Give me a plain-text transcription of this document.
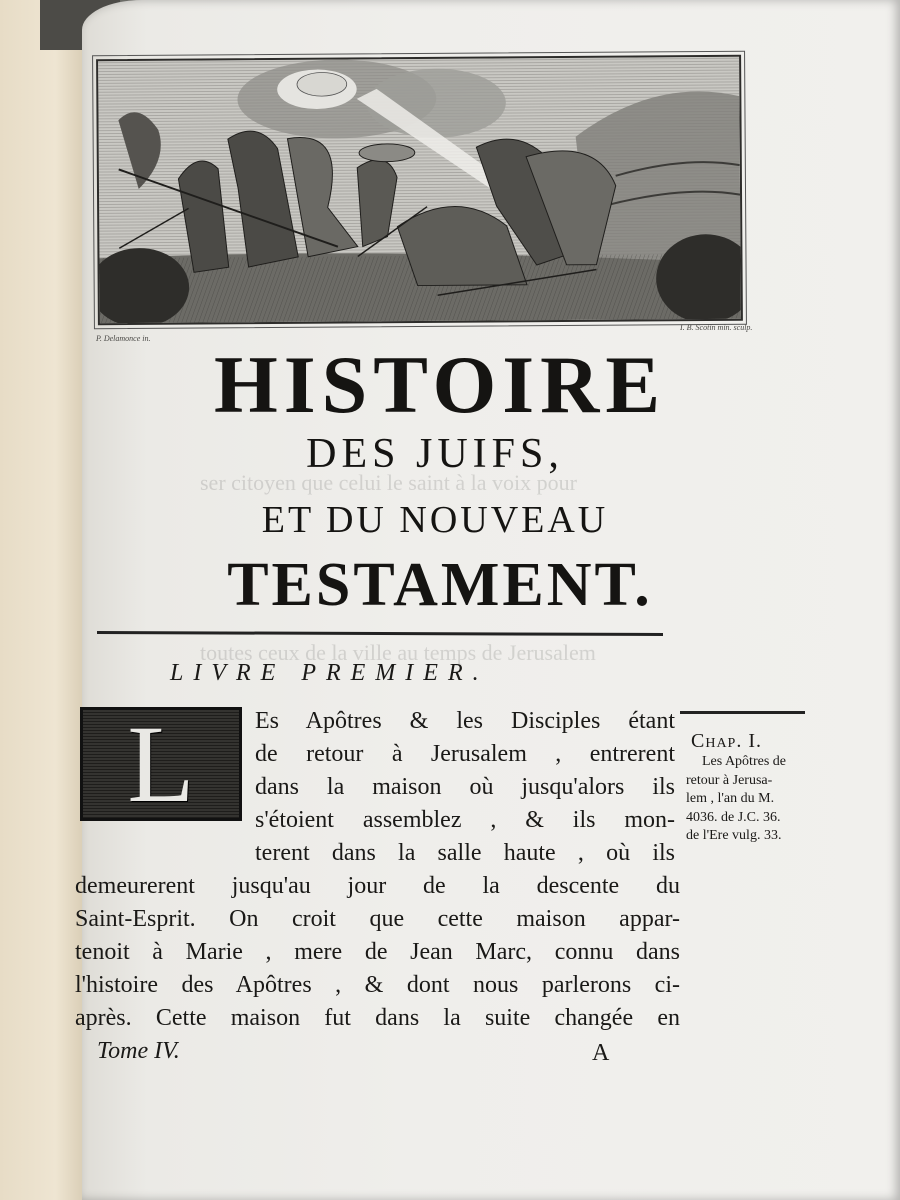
ser citoyen que celui le saint à la voix pour
toutes ceux de la ville au temps de Jerusalem
P. Delamonce in.
I. B. Scotin min. sculp.
HISTOIRE
DES JUIFS,
ET DU NOUVEAU
TESTAMENT.
LIVRE PREMIER.
L	Es Apôtres & les Disciples étant
de retour à Jerusalem , entrerent
dans la maison où jusqu'alors ils
s'étoient assemblez , & ils mon-
terent dans la salle haute , où ils
demeurerent jusqu'au jour de la descente du
Saint-Esprit. On croit que cette maison appar-
tenoit à Marie , mere de Jean Marc, connu dans
l'histoire des Apôtres , & dont nous parlerons ci-
après. Cette maison fut dans la suite changée en
Chap. I.
Les Apôtres de
retour à Jerusa-
lem , l'an du M.
4036. de J.C. 36.
de l'Ere vulg. 33.
Tome IV.	A
